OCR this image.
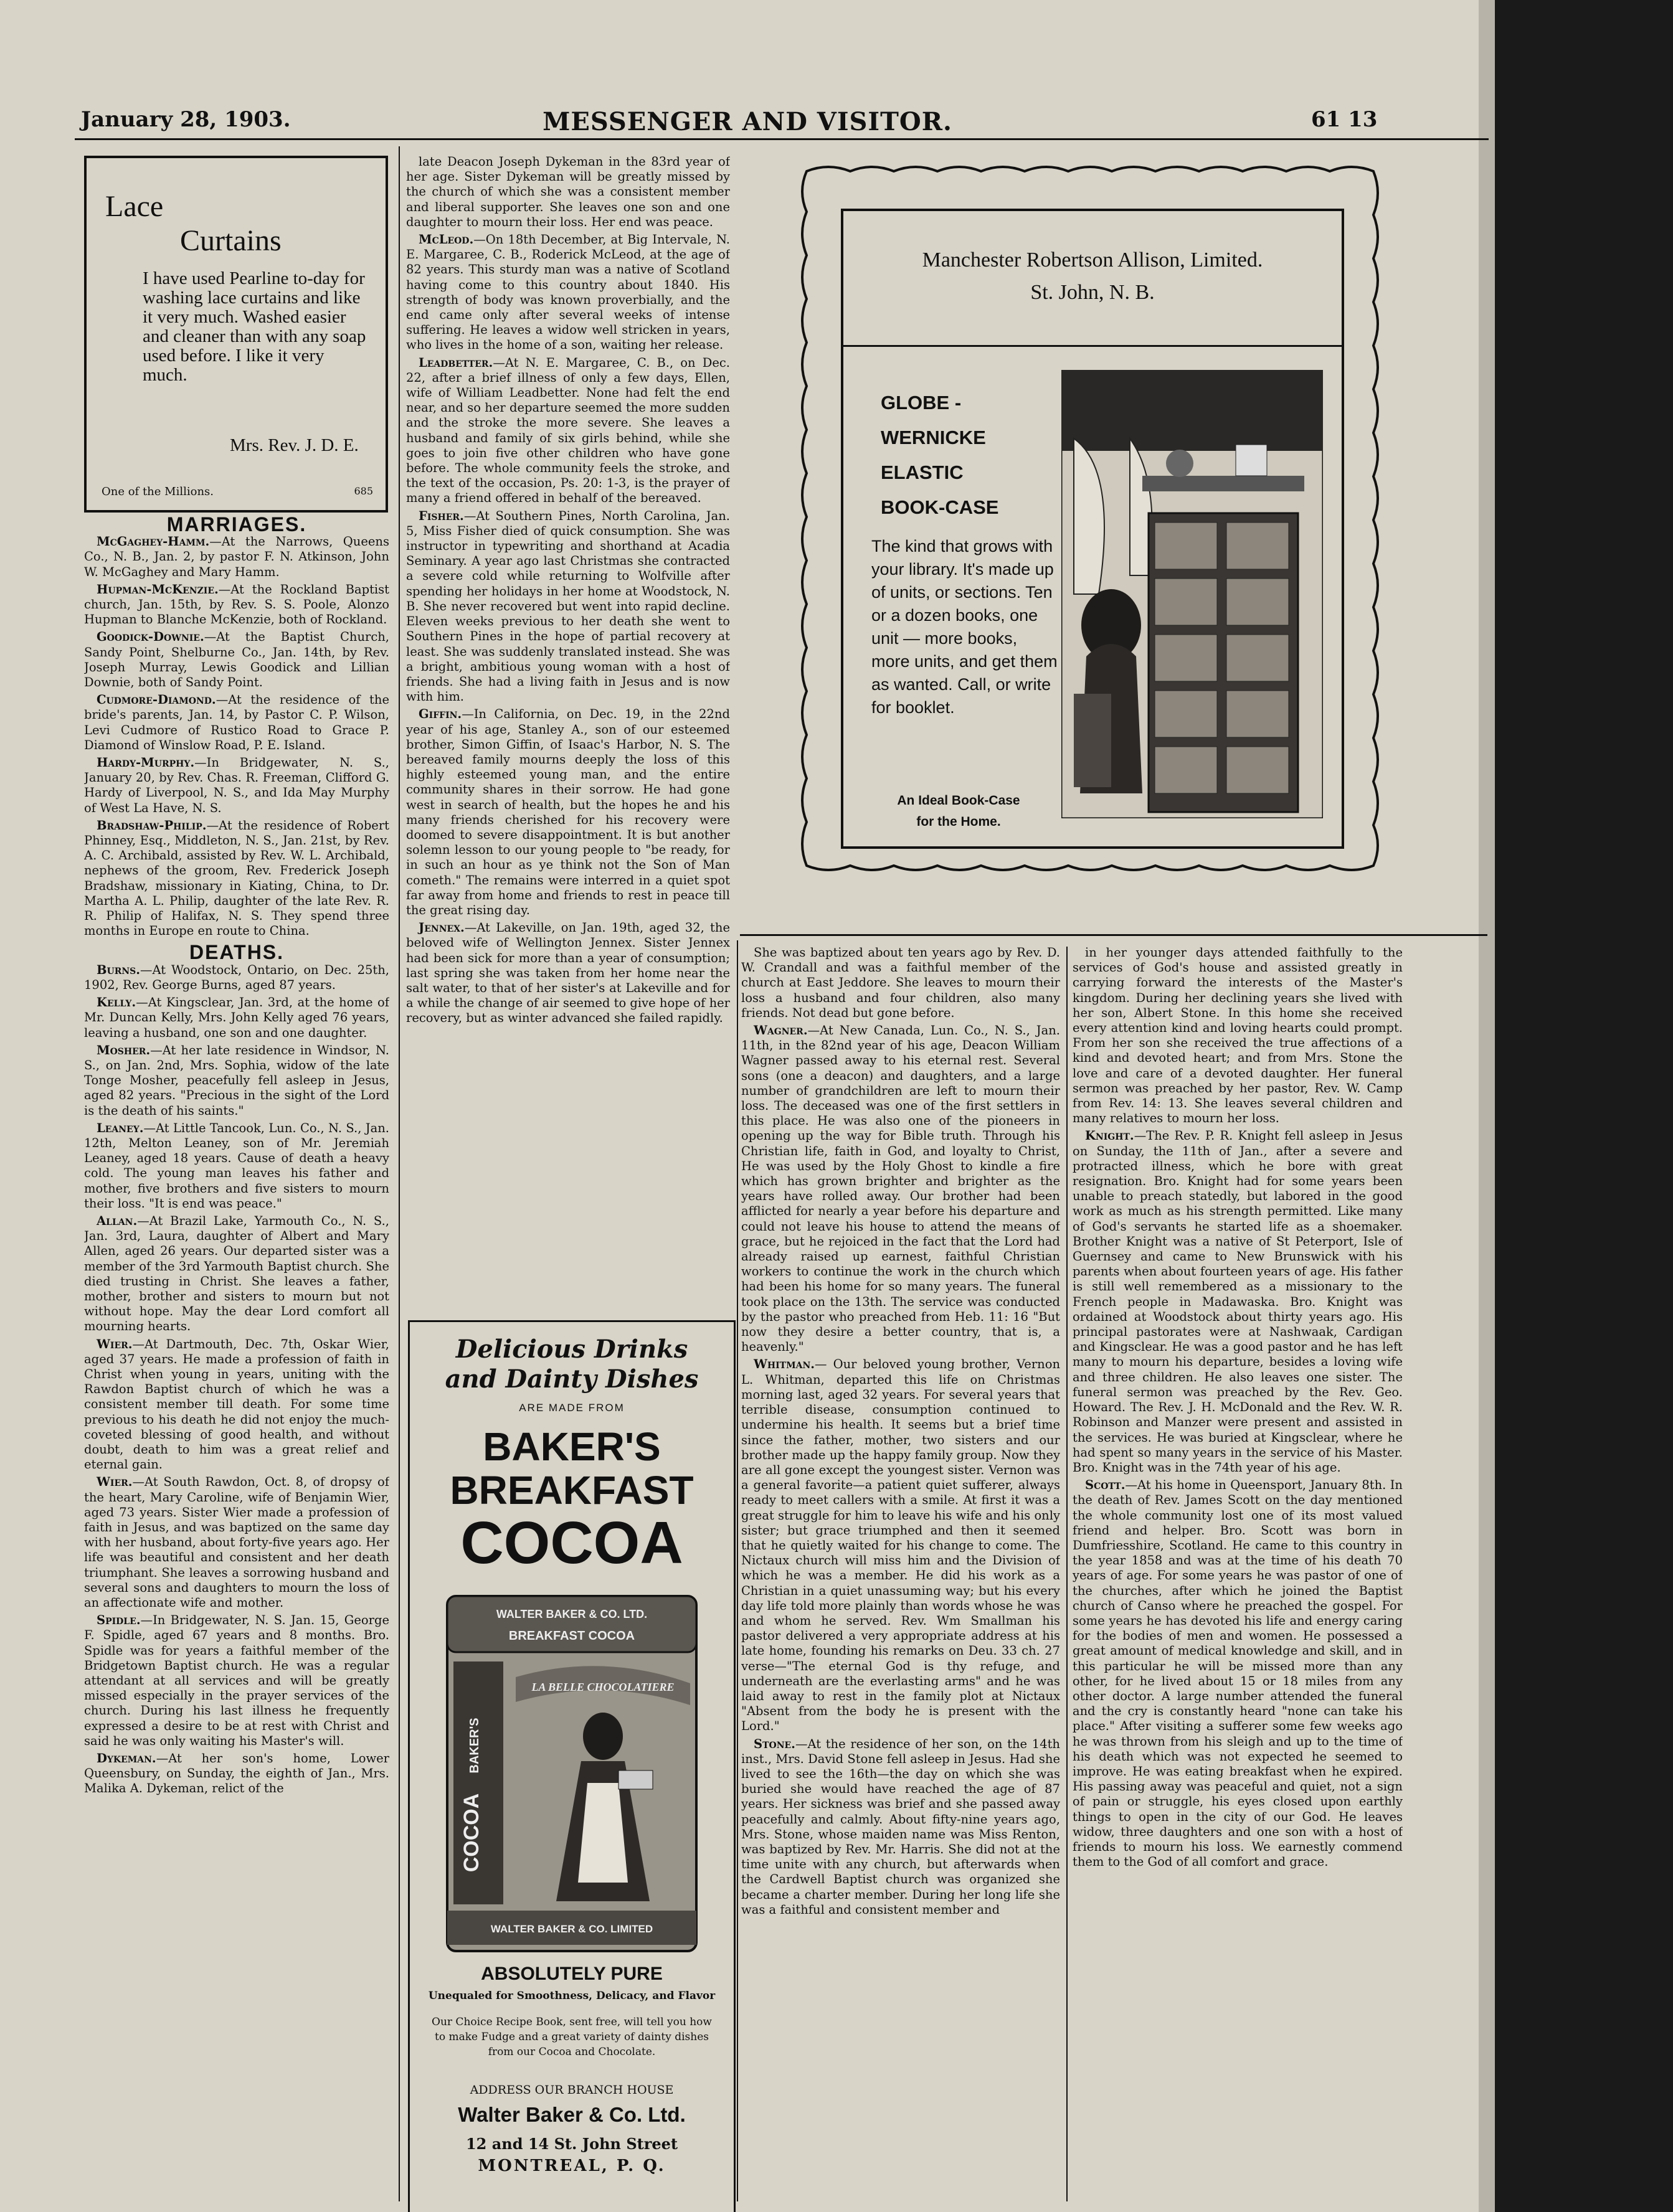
January 28, 1903.	MESSENGER AND VISITOR.	61 13
Lace
Curtains
I have used Pearline to-day for washing lace curtains and like it very much. Washed easier and cleaner than with any soap used before. I like it very much.
Mrs. Rev. J. D. E.
One of the Millions.	685

MARRIAGES.

McGaghey-Hamm.—At the Narrows, Queens Co., N. B., Jan. 2, by pastor F. N. Atkinson, John W. McGaghey and Mary Hamm.

Hupman-McKenzie.—At the Rockland Baptist church, Jan. 15th, by Rev. S. S. Poole, Alonzo Hupman to Blanche McKenzie, both of Rockland.

Goodick-Downie.—At the Baptist Church, Sandy Point, Shelburne Co., Jan. 14th, by Rev. Joseph Murray, Lewis Goodick and Lillian Downie, both of Sandy Point.

Cudmore-Diamond.—At the residence of the bride's parents, Jan. 14, by Pastor C. P. Wilson, Levi Cudmore of Rustico Road to Grace P. Diamond of Winslow Road, P. E. Island.

Hardy-Murphy.—In Bridgewater, N. S., January 20, by Rev. Chas. R. Freeman, Clifford G. Hardy of Liverpool, N. S., and Ida May Murphy of West La Have, N. S.

Bradshaw-Philip.—At the residence of Robert Phinney, Esq., Middleton, N. S., Jan. 21st, by Rev. A. C. Archibald, assisted by Rev. W. L. Archibald, nephews of the groom, Rev. Frederick Joseph Bradshaw, missionary in Kiating, China, to Dr. Martha A. L. Philip, daughter of the late Rev. R. R. Philip of Halifax, N. S. They spend three months in Europe en route to China.

DEATHS.

Burns.—At Woodstock, Ontario, on Dec. 25th, 1902, Rev. George Burns, aged 87 years.

Kelly.—At Kingsclear, Jan. 3rd, at the home of Mr. Duncan Kelly, Mrs. John Kelly aged 76 years, leaving a husband, one son and one daughter.

Mosher.—At her late residence in Windsor, N. S., on Jan. 2nd, Mrs. Sophia, widow of the late Tonge Mosher, peacefully fell asleep in Jesus, aged 82 years. "Precious in the sight of the Lord is the death of his saints."

Leaney.—At Little Tancook, Lun. Co., N. S., Jan. 12th, Melton Leaney, son of Mr. Jeremiah Leaney, aged 18 years. Cause of death a heavy cold. The young man leaves his father and mother, five brothers and five sisters to mourn their loss. "It is end was peace."

Allan.—At Brazil Lake, Yarmouth Co., N. S., Jan. 3rd, Laura, daughter of Albert and Mary Allen, aged 26 years. Our departed sister was a member of the 3rd Yarmouth Baptist church. She died trusting in Christ. She leaves a father, mother, brother and sisters to mourn but not without hope. May the dear Lord comfort all mourning hearts.

Wier.—At Dartmouth, Dec. 7th, Oskar Wier, aged 37 years. He made a profession of faith in Christ when young in years, uniting with the Rawdon Baptist church of which he was a consistent member till death. For some time previous to his death he did not enjoy the much-coveted blessing of good health, and without doubt, death to him was a great relief and eternal gain.

Wier.—At South Rawdon, Oct. 8, of dropsy of the heart, Mary Caroline, wife of Benjamin Wier, aged 73 years. Sister Wier made a profession of faith in Jesus, and was baptized on the same day with her husband, about forty-five years ago. Her life was beautiful and consistent and her death triumphant. She leaves a sorrowing husband and several sons and daughters to mourn the loss of an affectionate wife and mother.

Spidle.—In Bridgewater, N. S. Jan. 15, George F. Spidle, aged 67 years and 8 months. Bro. Spidle was for years a faithful member of the Bridgetown Baptist church. He was a regular attendant at all services and will be greatly missed especially in the prayer services of the church. During his last illness he frequently expressed a desire to be at rest with Christ and said he was only waiting his Master's will.

Dykeman.—At her son's home, Lower Queensbury, on Sunday, the eighth of Jan., Mrs. Malika A. Dykeman, relict of the

late Deacon Joseph Dykeman in the 83rd year of her age. Sister Dykeman will be greatly missed by the church of which she was a consistent member and liberal supporter. She leaves one son and one daughter to mourn their loss. Her end was peace.

McLeod.—On 18th December, at Big Intervale, N. E. Margaree, C. B., Roderick McLeod, at the age of 82 years. This sturdy man was a native of Scotland having come to this country about 1840. His strength of body was known proverbially, and the end came only after several weeks of intense suffering. He leaves a widow well stricken in years, who lives in the home of a son, waiting her release.

Leadbetter.—At N. E. Margaree, C. B., on Dec. 22, after a brief illness of only a few days, Ellen, wife of William Leadbetter. None had felt the end near, and so her departure seemed the more sudden and the stroke the more severe. She leaves a husband and family of six girls behind, while she goes to join five other children who have gone before. The whole community feels the stroke, and the text of the occasion, Ps. 20: 1-3, is the prayer of many a friend offered in behalf of the bereaved.

Fisher.—At Southern Pines, North Carolina, Jan. 5, Miss Fisher died of quick consumption. She was instructor in typewriting and shorthand at Acadia Seminary. A year ago last Christmas she contracted a severe cold while returning to Wolfville after spending her holidays in her home at Woodstock, N. B. She never recovered but went into rapid decline. Eleven weeks previous to her death she went to Southern Pines in the hope of partial recovery at least. She was suddenly translated instead. She was a bright, ambitious young woman with a host of friends. She had a living faith in Jesus and is now with him.

Giffin.—In California, on Dec. 19, in the 22nd year of his age, Stanley A., son of our esteemed brother, Simon Giffin, of Isaac's Harbor, N. S. The bereaved family mourns deeply the loss of this highly esteemed young man, and the entire community shares in their sorrow. He had gone west in search of health, but the hopes he and his many friends cherished for his recovery were doomed to severe disappointment. It is but another solemn lesson to our young people to "be ready, for in such an hour as ye think not the Son of Man cometh." The remains were interred in a quiet spot far away from home and friends to rest in peace till the great rising day.

Jennex.—At Lakeville, on Jan. 19th, aged 32, the beloved wife of Wellington Jennex. Sister Jennex had been sick for more than a year of consumption; last spring she was taken from her home near the salt water, to that of her sister's at Lakeville and for a while the change of air seemed to give hope of her recovery, but as winter advanced she failed rapidly.

Manchester Robertson Allison, Limited.
St. John, N. B.
GLOBE -
WERNICKE
ELASTIC
BOOK-CASE
The kind that grows with your library. It's made up of units, or sections. Ten or a dozen books, one unit — more books, more units, and get them as wanted. Call, or write for booklet.
An Ideal Book-Case
for the Home.
Delicious Drinks
and Dainty Dishes
ARE MADE FROM
BAKER'S
BREAKFAST
COCOA
WALTER BAKER & CO. LTD.
BREAKFAST COCOA
BAKER'S
COCOA
LA BELLE CHOCOLATIERE
WALTER BAKER & CO. LIMITED
ABSOLUTELY PURE
Unequaled for Smoothness, Delicacy, and Flavor
Our Choice Recipe Book, sent free, will tell you how to make Fudge and a great variety of dainty dishes from our Cocoa and Chocolate.
ADDRESS OUR BRANCH HOUSE
Walter Baker & Co. Ltd.
12 and 14 St. John Street
MONTREAL, P. Q.

She was baptized about ten years ago by Rev. D. W. Crandall and was a faithful member of the church at East Jeddore. She leaves to mourn their loss a husband and four children, also many friends. Not dead but gone before.

Wagner.—At New Canada, Lun. Co., N. S., Jan. 11th, in the 82nd year of his age, Deacon William Wagner passed away to his eternal rest. Several sons (one a deacon) and daughters, and a large number of grandchildren are left to mourn their loss. The deceased was one of the first settlers in this place. He was also one of the pioneers in opening up the way for Bible truth. Through his Christian life, faith in God, and loyalty to Christ, He was used by the Holy Ghost to kindle a fire which has grown brighter and brighter as the years have rolled away. Our brother had been afflicted for nearly a year before his departure and could not leave his house to attend the means of grace, but he rejoiced in the fact that the Lord had already raised up earnest, faithful Christian workers to continue the work in the church which had been his home for so many years. The funeral took place on the 13th. The service was conducted by the pastor who preached from Heb. 11: 16 "But now they desire a better country, that is, a heavenly."

Whitman.— Our beloved young brother, Vernon L. Whitman, departed this life on Christmas morning last, aged 32 years. For several years that terrible disease, consumption continued to undermine his health. It seems but a brief time since the father, mother, two sisters and our brother made up the happy family group. Now they are all gone except the youngest sister. Vernon was a general favorite—a patient quiet sufferer, always ready to meet callers with a smile. At first it was a great struggle for him to leave his wife and his only sister; but grace triumphed and then it seemed that he quietly waited for his change to come. The Nictaux church will miss him and the Division of which he was a member. He did his work as a Christian in a quiet unassuming way; but his every day life told more plainly than words whose he was and whom he served. Rev. Wm Smallman his pastor delivered a very appropriate address at his late home, founding his remarks on Deu. 33 ch. 27 verse—"The eternal God is thy refuge, and underneath are the everlasting arms" and he was laid away to rest in the family plot at Nictaux "Absent from the body he is present with the Lord."

Stone.—At the residence of her son, on the 14th inst., Mrs. David Stone fell asleep in Jesus. Had she lived to see the 16th—the day on which she was buried she would have reached the age of 87 years. Her sickness was brief and she passed away peacefully and calmly. About fifty-nine years ago, Mrs. Stone, whose maiden name was Miss Renton, was baptized by Rev. Mr. Harris. She did not at the time unite with any church, but afterwards when the Cardwell Baptist church was organized she became a charter member. During her long life she was a faithful and consistent member and

in her younger days attended faithfully to the services of God's house and assisted greatly in carrying forward the interests of the Master's kingdom. During her declining years she lived with her son, Albert Stone. In this home she received every attention kind and loving hearts could prompt. From her son she received the true affections of a kind and devoted heart; and from Mrs. Stone the love and care of a devoted daughter. Her funeral sermon was preached by her pastor, Rev. W. Camp from Rev. 14: 13. She leaves several children and many relatives to mourn her loss.

Knight.—The Rev. P. R. Knight fell asleep in Jesus on Sunday, the 11th of Jan., after a severe and protracted illness, which he bore with great resignation. Bro. Knight had for some years been unable to preach statedly, but labored in the good work as much as his strength permitted. Like many of God's servants he started life as a shoemaker. Brother Knight was a native of St Peterport, Isle of Guernsey and came to New Brunswick with his parents when about fourteen years of age. His father is still well remembered as a missionary to the French people in Madawaska. Bro. Knight was ordained at Woodstock about thirty years ago. His principal pastorates were at Nashwaak, Cardigan and Kingsclear. He was a good pastor and he has left many to mourn his departure, besides a loving wife and three children. He also leaves one sister. The funeral sermon was preached by the Rev. Geo. Howard. The Rev. J. H. McDonald and the Rev. W. R. Robinson and Manzer were present and assisted in the services. He was buried at Kingsclear, where he had spent so many years in the service of his Master. Bro. Knight was in the 74th year of his age.

Scott.—At his home in Queensport, January 8th. In the death of Rev. James Scott on the day mentioned the whole community lost one of its most valued friend and helper. Bro. Scott was born in Dumfriesshire, Scotland. He came to this country in the year 1858 and was at the time of his death 70 years of age. For some years he was pastor of one of the churches, after which he joined the Baptist church of Canso where he preached the gospel. For some years he has devoted his life and energy caring for the bodies of men and women. He possessed a great amount of medical knowledge and skill, and in this particular he will be missed more than any other, for he lived about 15 or 18 miles from any other doctor. A large number attended the funeral and the cry is constantly heard "none can take his place." After visiting a sufferer some few weeks ago he was thrown from his sleigh and up to the time of his death which was not expected he seemed to improve. He was eating breakfast when he expired. His passing away was peaceful and quiet, not a sign of pain or struggle, his eyes closed upon earthly things to open in the city of our God. He leaves widow, three daughters and one son with a host of friends to mourn his loss. We earnestly commend them to the God of all comfort and grace.
